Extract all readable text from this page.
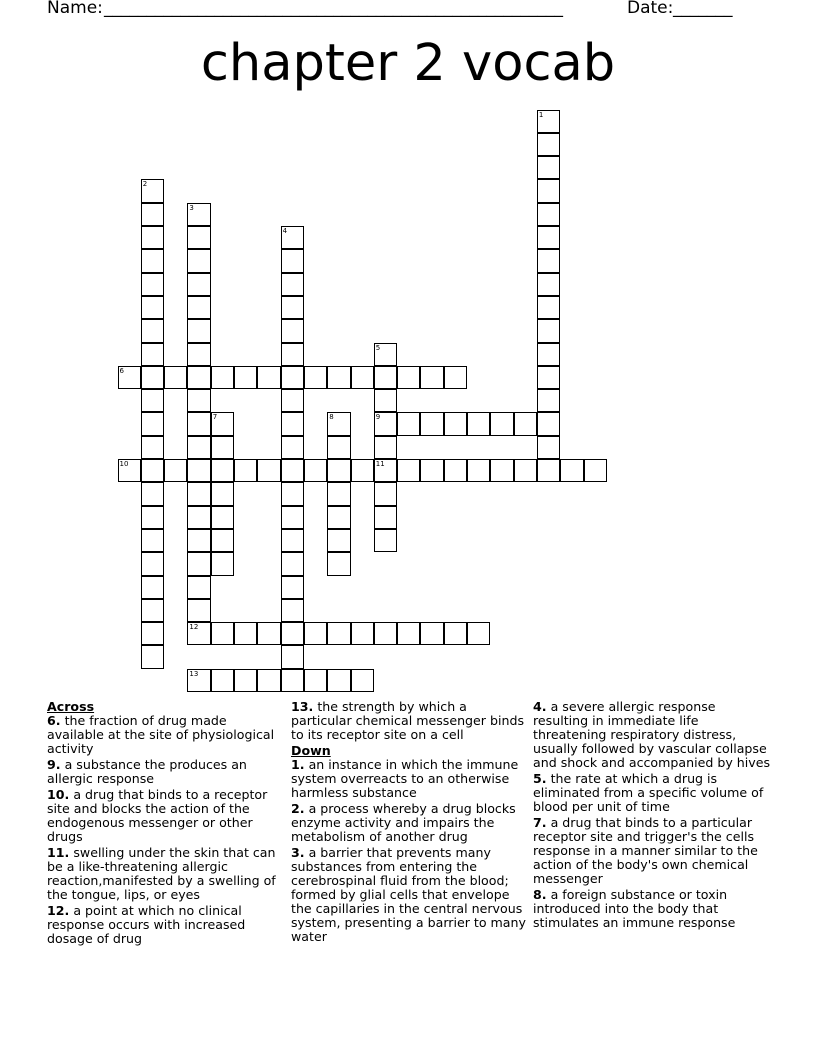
Name: ______________________________________________________	Date: _______
chapter 2 vocab
1
2
3
4
5
9
11
6
7	8
10
12
13
Across
6. the fraction of drug made available at the site of physiological activity
9. a substance the produces an allergic response
10. a drug that binds to a receptor site and blocks the action of the endogenous messenger or other drugs
11. swelling under the skin that can be a like-threatening allergic reaction,manifested by a swelling of the tongue, lips, or eyes
12. a point at which no clinical response occurs with increased dosage of drug
13. the strength by which a particular chemical messenger binds to its receptor site on a cell
Down
1. an instance in which the immune system overreacts to an otherwise harmless substance
2. a process whereby a drug blocks enzyme activity and impairs the metabolism of another drug
3. a barrier that prevents many substances from entering the cerebrospinal fluid from the blood; formed by glial cells that envelope the capillaries in the central nervous system, presenting a barrier to many water
4. a severe allergic response resulting in immediate life threatening respiratory distress, usually followed by vascular collapse and shock and accompanied by hives
5. the rate at which a drug is eliminated from a specific volume of blood per unit of time
7. a drug that binds to a particular receptor site and trigger's the cells response in a manner similar to the action of the body's own chemical messenger
8. a foreign substance or toxin introduced into the body that stimulates an immune response
